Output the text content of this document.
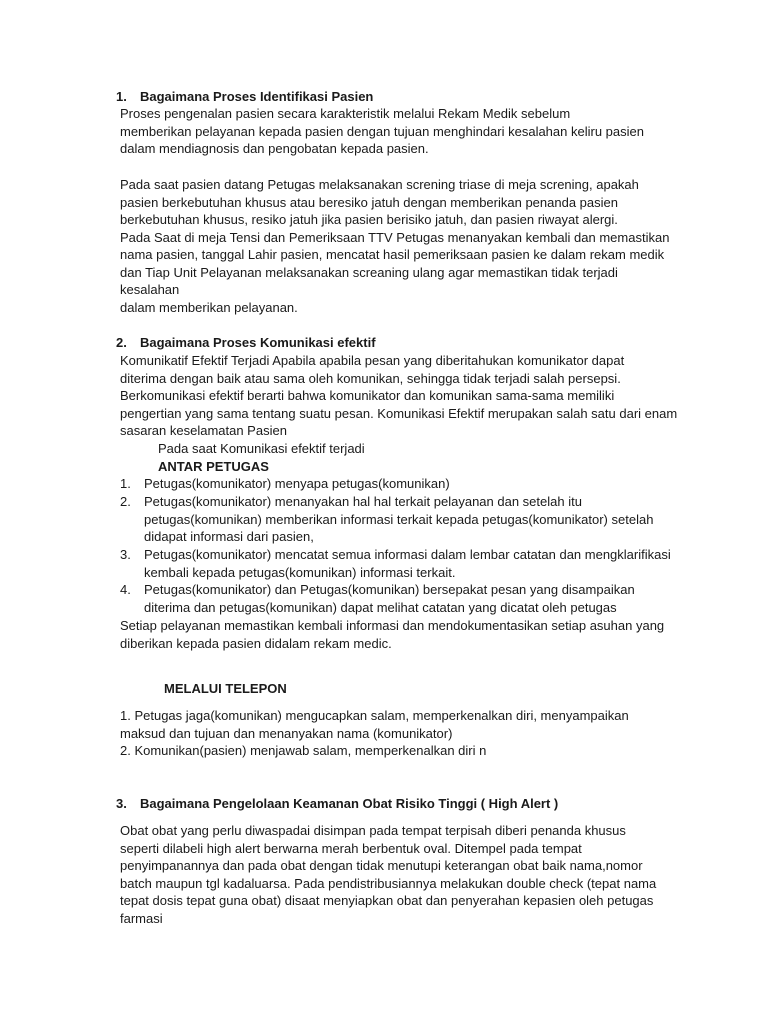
1. Bagaimana Proses Identifikasi Pasien
Proses pengenalan pasien secara karakteristik melalui Rekam Medik sebelum
memberikan pelayanan kepada pasien dengan tujuan menghindari kesalahan keliru pasien
dalam mendiagnosis dan pengobatan kepada pasien.
Pada saat pasien datang Petugas melaksanakan screning triase di meja screning, apakah
pasien berkebutuhan khusus atau beresiko jatuh dengan memberikan penanda pasien
berkebutuhan khusus, resiko jatuh jika pasien berisiko jatuh, dan pasien riwayat alergi.
Pada Saat di meja Tensi dan Pemeriksaan TTV Petugas menanyakan kembali dan memastikan
nama pasien, tanggal Lahir pasien, mencatat hasil pemeriksaan pasien ke dalam rekam medik
dan Tiap Unit Pelayanan melaksanakan screaning ulang agar memastikan tidak terjadi kesalahan
dalam memberikan pelayanan.
2. Bagaimana Proses Komunikasi efektif
Komunikatif Efektif Terjadi Apabila apabila pesan yang diberitahukan komunikator dapat
diterima dengan baik atau sama oleh komunikan, sehingga tidak terjadi salah persepsi.
Berkomunikasi efektif berarti bahwa komunikator dan komunikan sama-sama memiliki
pengertian yang sama tentang suatu pesan. Komunikasi Efektif merupakan salah satu dari enam
sasaran keselamatan Pasien
Pada saat Komunikasi efektif terjadi
ANTAR PETUGAS
1. Petugas(komunikator) menyapa petugas(komunikan)
2. Petugas(komunikator) menanyakan hal hal terkait pelayanan dan setelah itu
petugas(komunikan) memberikan informasi terkait kepada petugas(komunikator) setelah
didapat informasi dari pasien,
3. Petugas(komunikator) mencatat semua informasi dalam lembar catatan dan mengklarifikasi
kembali kepada petugas(komunikan) informasi terkait.
4. Petugas(komunikator) dan Petugas(komunikan) bersepakat pesan yang disampaikan
diterima dan petugas(komunikan) dapat melihat catatan yang dicatat oleh petugas
Setiap pelayanan memastikan kembali informasi dan mendokumentasikan setiap asuhan yang
diberikan kepada pasien didalam rekam medic.
MELALUI TELEPON
1. Petugas jaga(komunikan) mengucapkan salam, memperkenalkan diri, menyampaikan
maksud dan tujuan dan menanyakan nama (komunikator)
2. Komunikan(pasien) menjawab salam, memperkenalkan diri n
3. Bagaimana Pengelolaan Keamanan Obat Risiko Tinggi ( High Alert )
Obat obat yang perlu diwaspadai disimpan pada tempat terpisah diberi penanda khusus
seperti dilabeli high alert berwarna merah berbentuk oval. Ditempel pada tempat
penyimpanannya dan pada obat dengan tidak menutupi keterangan obat baik nama,nomor
batch maupun tgl kadaluarsa. Pada pendistribusiannya melakukan double check (tepat nama
tepat dosis tepat guna obat) disaat menyiapkan obat dan penyerahan kepasien oleh petugas
farmasi
